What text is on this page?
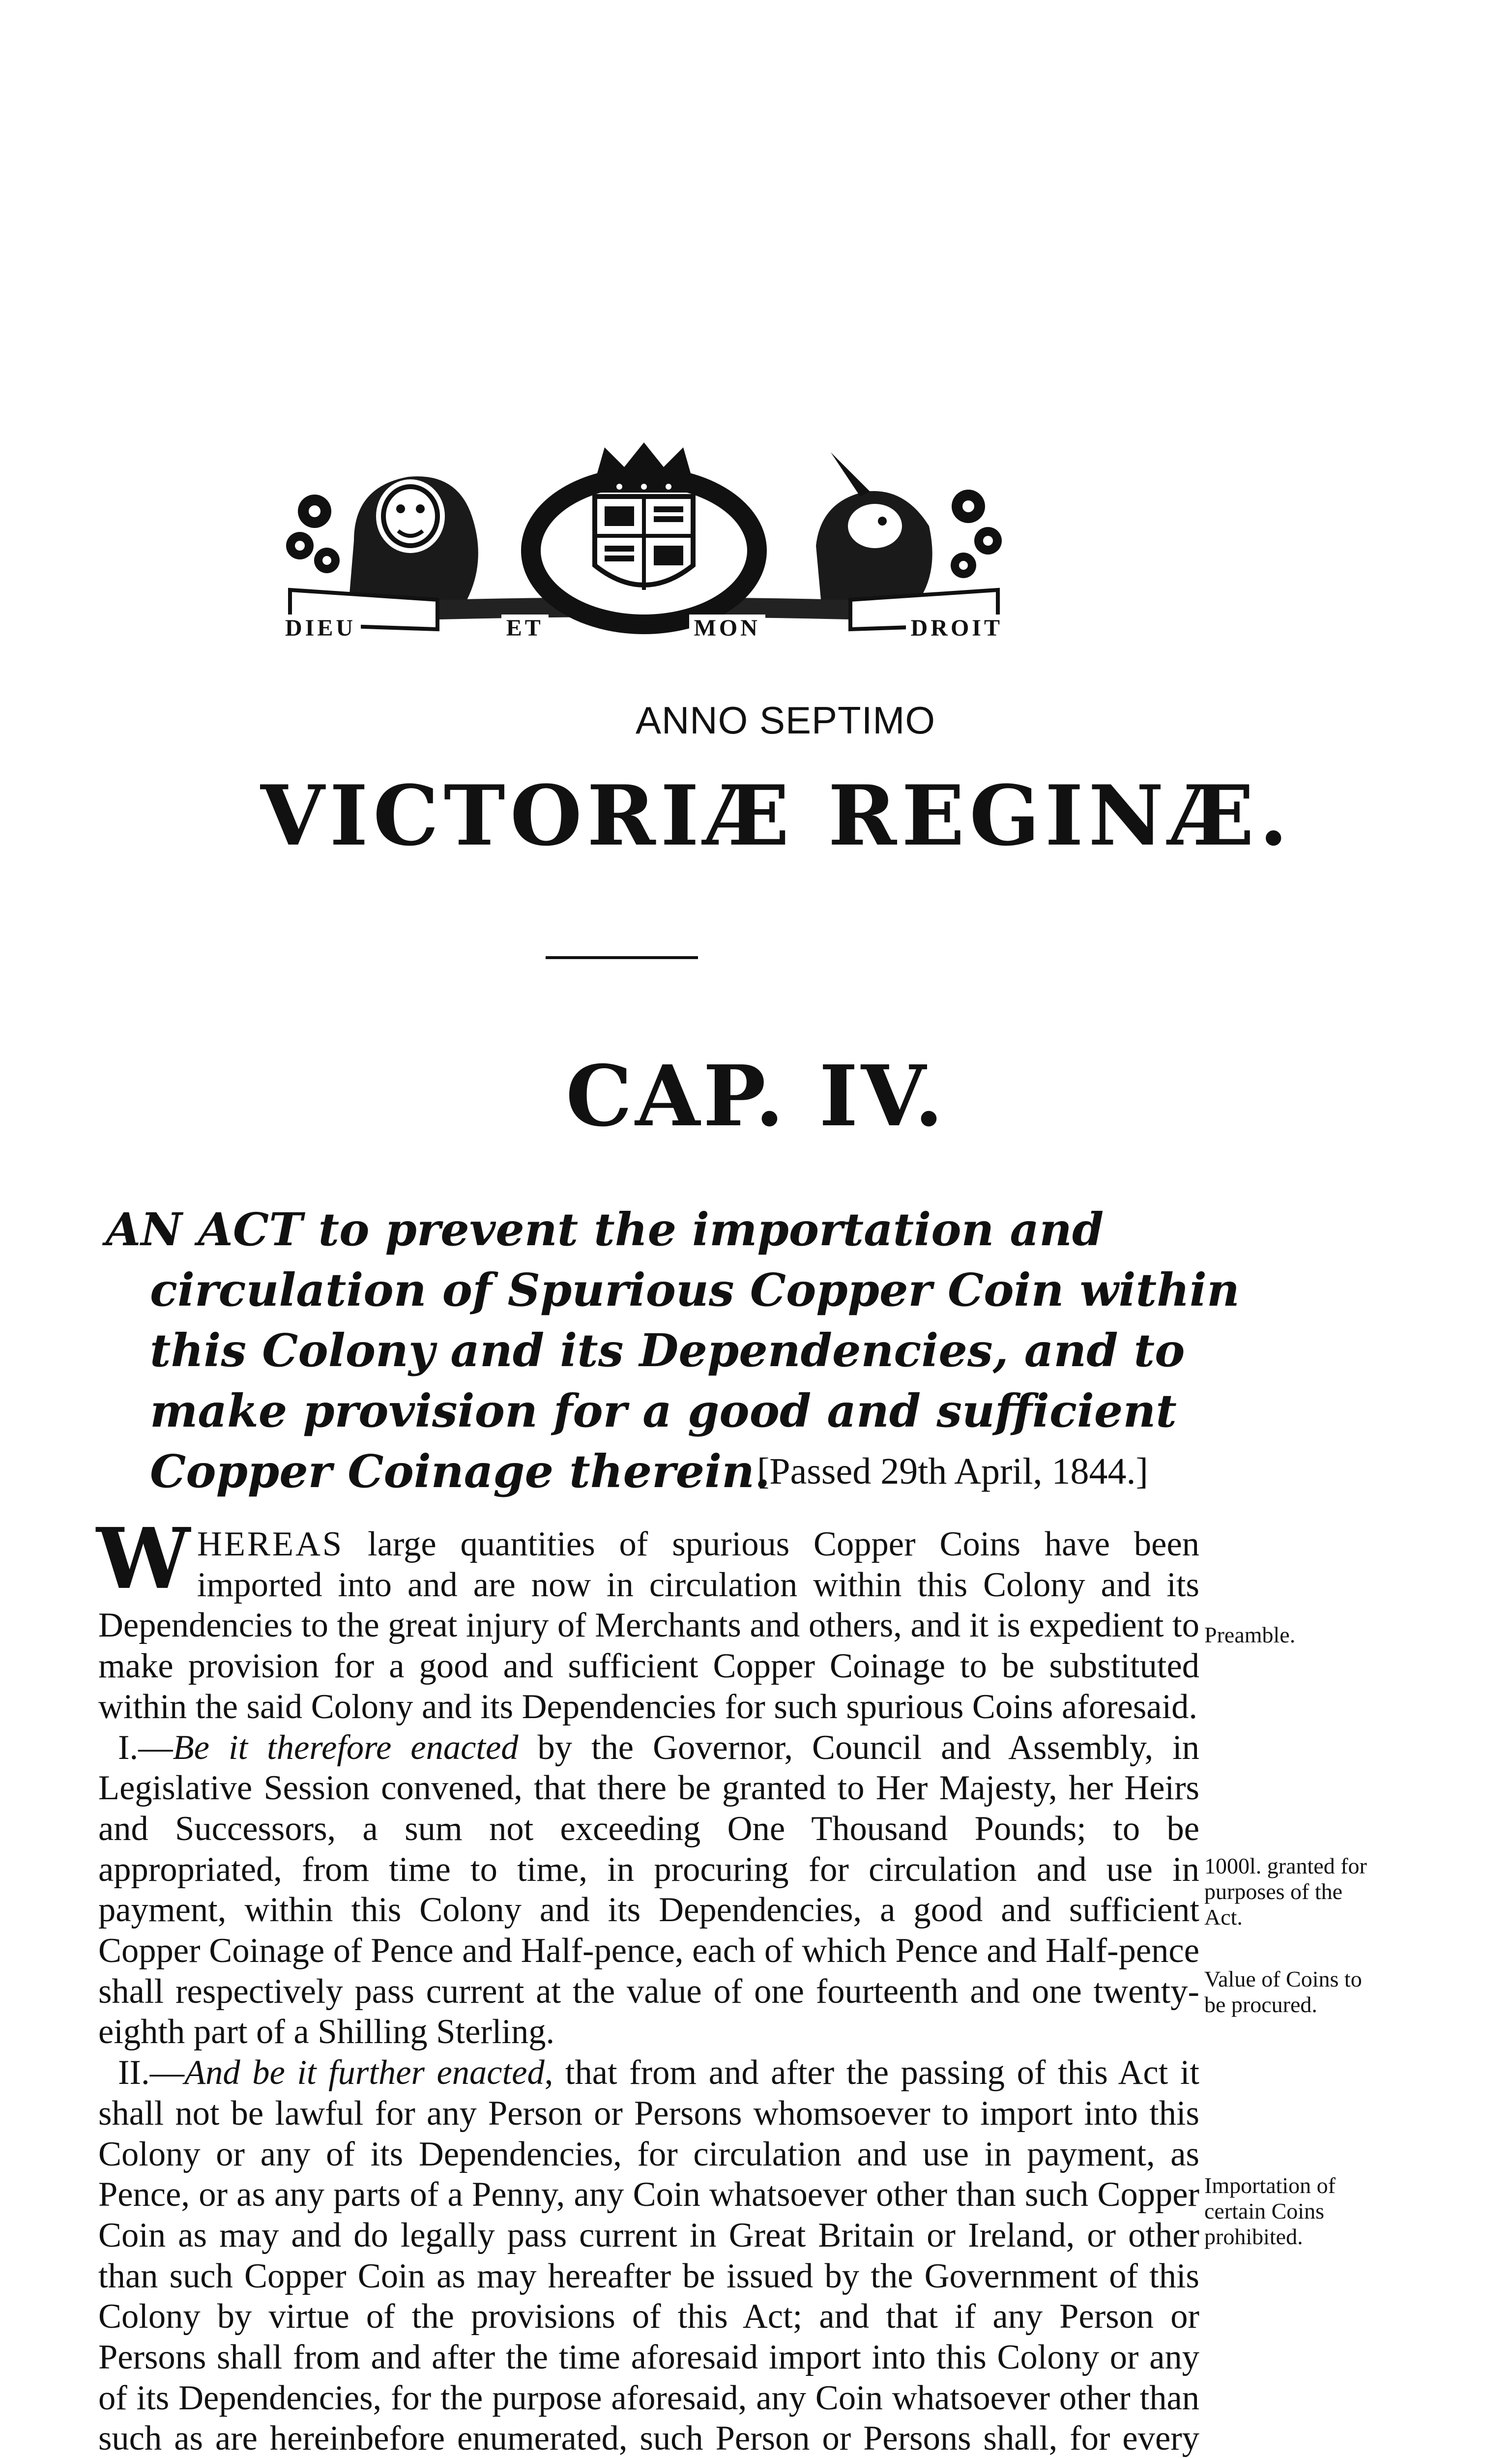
DIEU	ET	MON	DROIT
ANNO SEPTIMO
VICTORIÆ REGINÆ.
CAP. IV.
AN ACT to prevent the importation and circulation of Spurious Copper Coin within this Colony and its Dependencies, and to make provision for a good and sufficient Copper Coinage therein.
[Passed 29th April, 1844.]

WHEREAS large quantities of spurious Copper Coins have been imported into and are now in circulation within this Colony and its Dependencies to the great injury of Merchants and others, and it is expedient to make provision for a good and sufficient Copper Coinage to be substituted within the said Colony and its Dependencies for such spurious Coins aforesaid.

I.—Be it therefore enacted by the Governor, Council and Assembly, in Legislative Session convened, that there be granted to Her Majesty, her Heirs and Successors, a sum not exceeding One Thousand Pounds; to be appropriated, from time to time, in procuring for circulation and use in payment, within this Colony and its Dependencies, a good and sufficient Copper Coinage of Pence and Half-pence, each of which Pence and Half-pence shall respectively pass current at the value of one fourteenth and one twenty-eighth part of a Shilling Sterling.

II.—And be it further enacted, that from and after the passing of this Act it shall not be lawful for any Person or Persons whomsoever to import into this Colony or any of its Dependencies, for circulation and use in payment, as Pence, or as any parts of a Penny, any Coin whatsoever other than such Copper Coin as may and do legally pass current in Great Britain or Ireland, or other than such Copper Coin as may hereafter be issued by the Government of this Colony by virtue of the provisions of this Act; and that if any Person or Persons shall from and after the time aforesaid import into this Colony or any of its Dependencies, for the purpose aforesaid, any Coin whatsoever other than such as are hereinbefore enumerated, such Person or Persons shall, for every

Preamble.
1000l. granted for purposes of the Act.
Value of Coins to be procured.
Importation of certain Coins prohibited.
